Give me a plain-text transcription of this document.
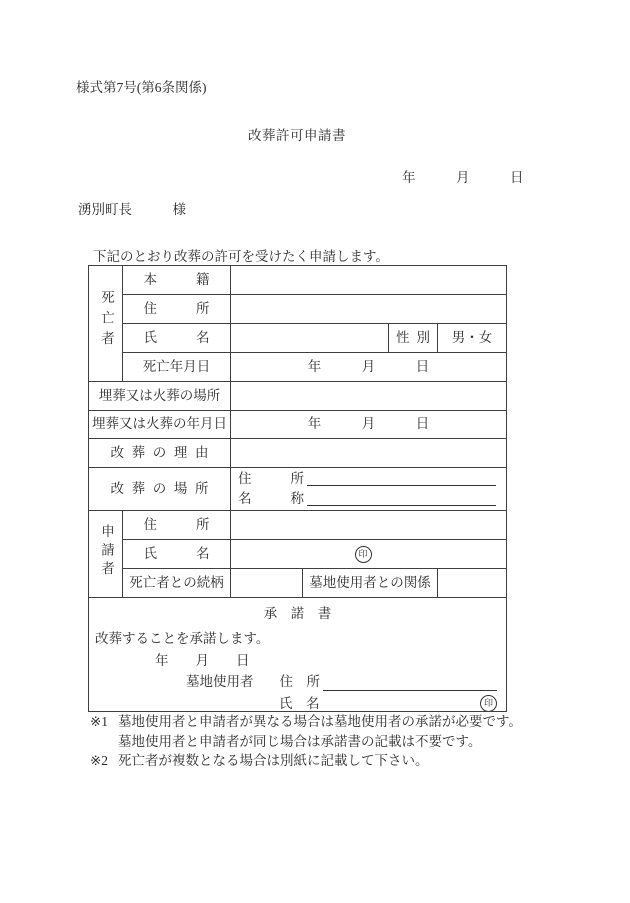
様式第7号(第6条関係)
改葬許可申請書
年　　　月　　　日
湧別町長　　　様
下記のとおり改葬の許可を受けたく申請します。
死亡者	本籍				
	住所				
	氏名			性別	男・女
	死亡年月日	年　　　月　　　日			
埋葬又は火葬の場所					
埋葬又は火葬の年月日		年　　　月　　　日			
改葬の理由					
改葬の場所		住所
名称			

申請者	住所				
	氏名	印			
	死亡者との続柄		墓地使用者との関係		

承　諾　書
改葬することを承諾します。
年　　月　　日
墓地使用者 住　所
氏　名	印
※1 墓地使用者と申請者が異なる場合は墓地使用者の承諾が必要です。
墓地使用者と申請者が同じ場合は承諾書の記載は不要です。
※2 死亡者が複数となる場合は別紙に記載して下さい。
